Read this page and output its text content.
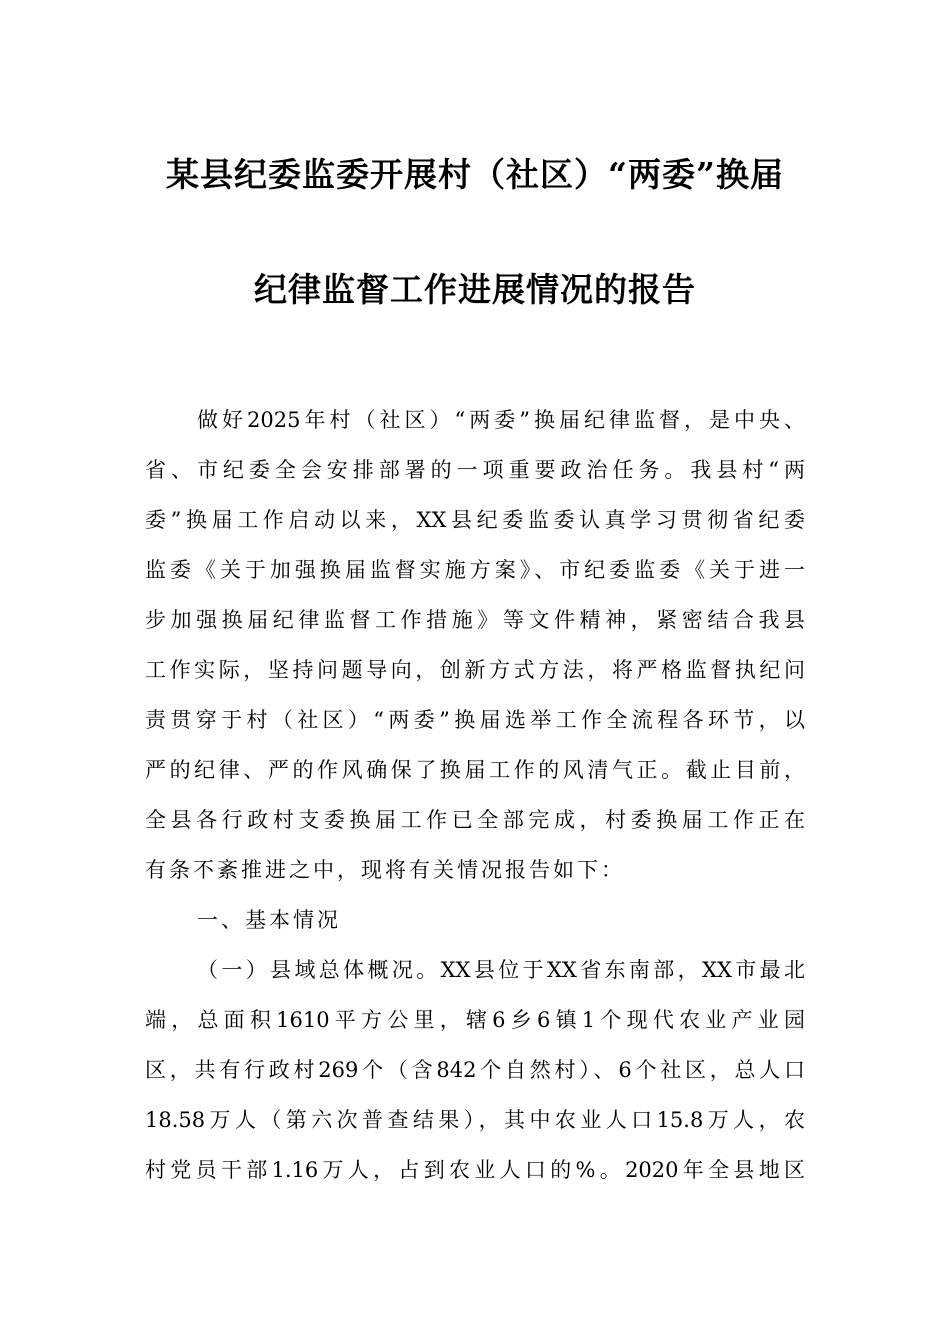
某县纪委监委开展村（社区）“两委”换届
纪律监督工作进展情况的报告
做好2025年村（社区）“两委”换届纪律监督，是中央、
省、市纪委全会安排部署的一项重要政治任务。我县村“两
委”换届工作启动以来，XX县纪委监委认真学习贯彻省纪委
监委《关于加强换届监督实施方案》、市纪委监委《关于进一
步加强换届纪律监督工作措施》等文件精神，紧密结合我县
工作实际，坚持问题导向，创新方式方法，将严格监督执纪问
责贯穿于村（社区）“两委”换届选举工作全流程各环节，以
严的纪律、严的作风确保了换届工作的风清气正。截止目前，
全县各行政村支委换届工作已全部完成，村委换届工作正在
有条不紊推进之中，现将有关情况报告如下：
一、基本情况
（一）县域总体概况。XX县位于XX省东南部，XX市最北
端，总面积1610平方公里，辖6乡6镇1个现代农业产业园
区，共有行政村269个（含842个自然村）、6个社区，总人口
18.58万人（第六次普查结果），其中农业人口15.8万人，农
村党员干部1.16万人，占到农业人口的%。2020年全县地区
